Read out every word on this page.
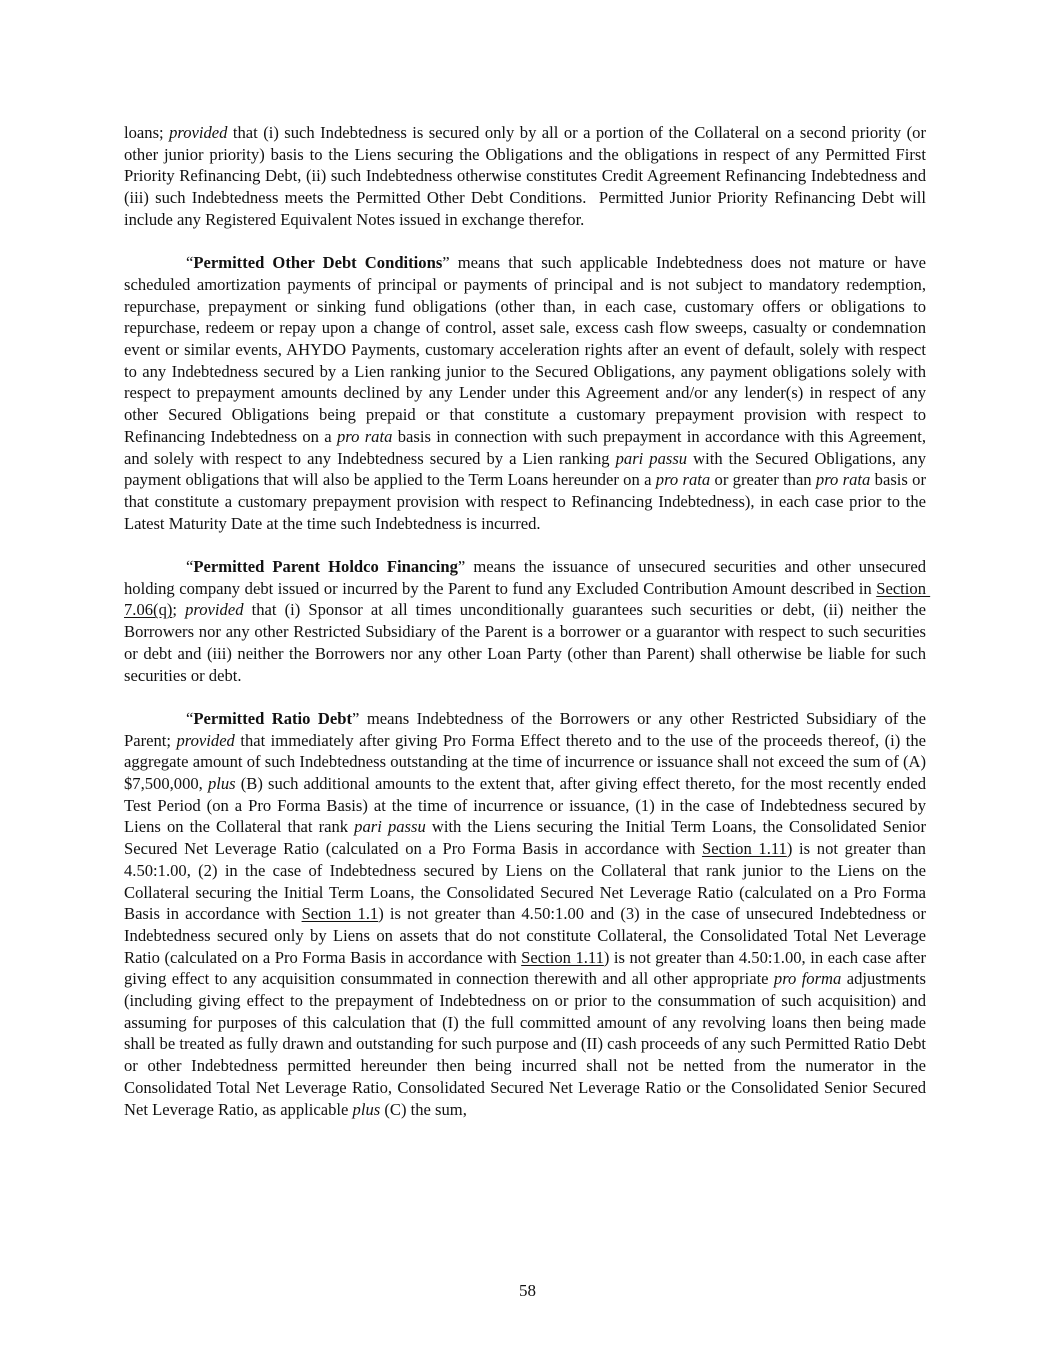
loans; provided that (i) such Indebtedness is secured only by all or a portion of the Collateral on a second priority (or other junior priority) basis to the Liens securing the Obligations and the obligations in respect of any Permitted First Priority Refinancing Debt, (ii) such Indebtedness otherwise constitutes Credit Agreement Refinancing Indebtedness and (iii) such Indebtedness meets the Permitted Other Debt Conditions.  Permitted Junior Priority Refinancing Debt will include any Registered Equivalent Notes issued in exchange therefor.

“Permitted Other Debt Conditions” means that such applicable Indebtedness does not mature or have scheduled amortization payments of principal or payments of principal and is not subject to mandatory redemption, repurchase, prepayment or sinking fund obligations (other than, in each case, customary offers or obligations to repurchase, redeem or repay upon a change of control, asset sale, excess cash flow sweeps, casualty or condemnation event or similar events, AHYDO Payments, customary acceleration rights after an event of default, solely with respect to any Indebtedness secured by a Lien ranking junior to the Secured Obligations, any payment obligations solely with respect to prepayment amounts declined by any Lender under this Agreement and/or any lender(s) in respect of any other Secured Obligations being prepaid or that constitute a customary prepayment provision with respect to Refinancing Indebtedness on a pro rata basis in connection with such prepayment in accordance with this Agreement, and solely with respect to any Indebtedness secured by a Lien ranking pari passu with the Secured Obligations, any payment obligations that will also be applied to the Term Loans hereunder on a pro rata or greater than pro rata basis or that constitute a customary prepayment provision with respect to Refinancing Indebtedness), in each case prior to the Latest Maturity Date at the time such Indebtedness is incurred.

“Permitted Parent Holdco Financing” means the issuance of unsecured securities and other unsecured holding company debt issued or incurred by the Parent to fund any Excluded Contribution Amount described in Section 7.06(q); provided that (i) Sponsor at all times unconditionally guarantees such securities or debt, (ii) neither the Borrowers nor any other Restricted Subsidiary of the Parent is a borrower or a guarantor with respect to such securities or debt and (iii) neither the Borrowers nor any other Loan Party (other than Parent) shall otherwise be liable for such securities or debt.

“Permitted Ratio Debt” means Indebtedness of the Borrowers or any other Restricted Subsidiary of the Parent; provided that immediately after giving Pro Forma Effect thereto and to the use of the proceeds thereof, (i) the aggregate amount of such Indebtedness outstanding at the time of incurrence or issuance shall not exceed the sum of (A) $7,500,000, plus (B) such additional amounts to the extent that, after giving effect thereto, for the most recently ended Test Period (on a Pro Forma Basis) at the time of incurrence or issuance, (1) in the case of Indebtedness secured by Liens on the Collateral that rank pari passu with the Liens securing the Initial Term Loans, the Consolidated Senior Secured Net Leverage Ratio (calculated on a Pro Forma Basis in accordance with Section 1.11) is not greater than 4.50:1.00, (2) in the case of Indebtedness secured by Liens on the Collateral that rank junior to the Liens on the Collateral securing the Initial Term Loans, the Consolidated Secured Net Leverage Ratio (calculated on a Pro Forma Basis in accordance with Section 1.1) is not greater than 4.50:1.00 and (3) in the case of unsecured Indebtedness or Indebtedness secured only by Liens on assets that do not constitute Collateral, the Consolidated Total Net Leverage Ratio (calculated on a Pro Forma Basis in accordance with Section 1.11) is not greater than 4.50:1.00, in each case after giving effect to any acquisition consummated in connection therewith and all other appropriate pro forma adjustments (including giving effect to the prepayment of Indebtedness on or prior to the consummation of such acquisition) and assuming for purposes of this calculation that (I) the full committed amount of any revolving loans then being made shall be treated as fully drawn and outstanding for such purpose and (II) cash proceeds of any such Permitted Ratio Debt or other Indebtedness permitted hereunder then being incurred shall not be netted from the numerator in the Consolidated Total Net Leverage Ratio, Consolidated Secured Net Leverage Ratio or the Consolidated Senior Secured Net Leverage Ratio, as applicable plus (C) the sum,

58
